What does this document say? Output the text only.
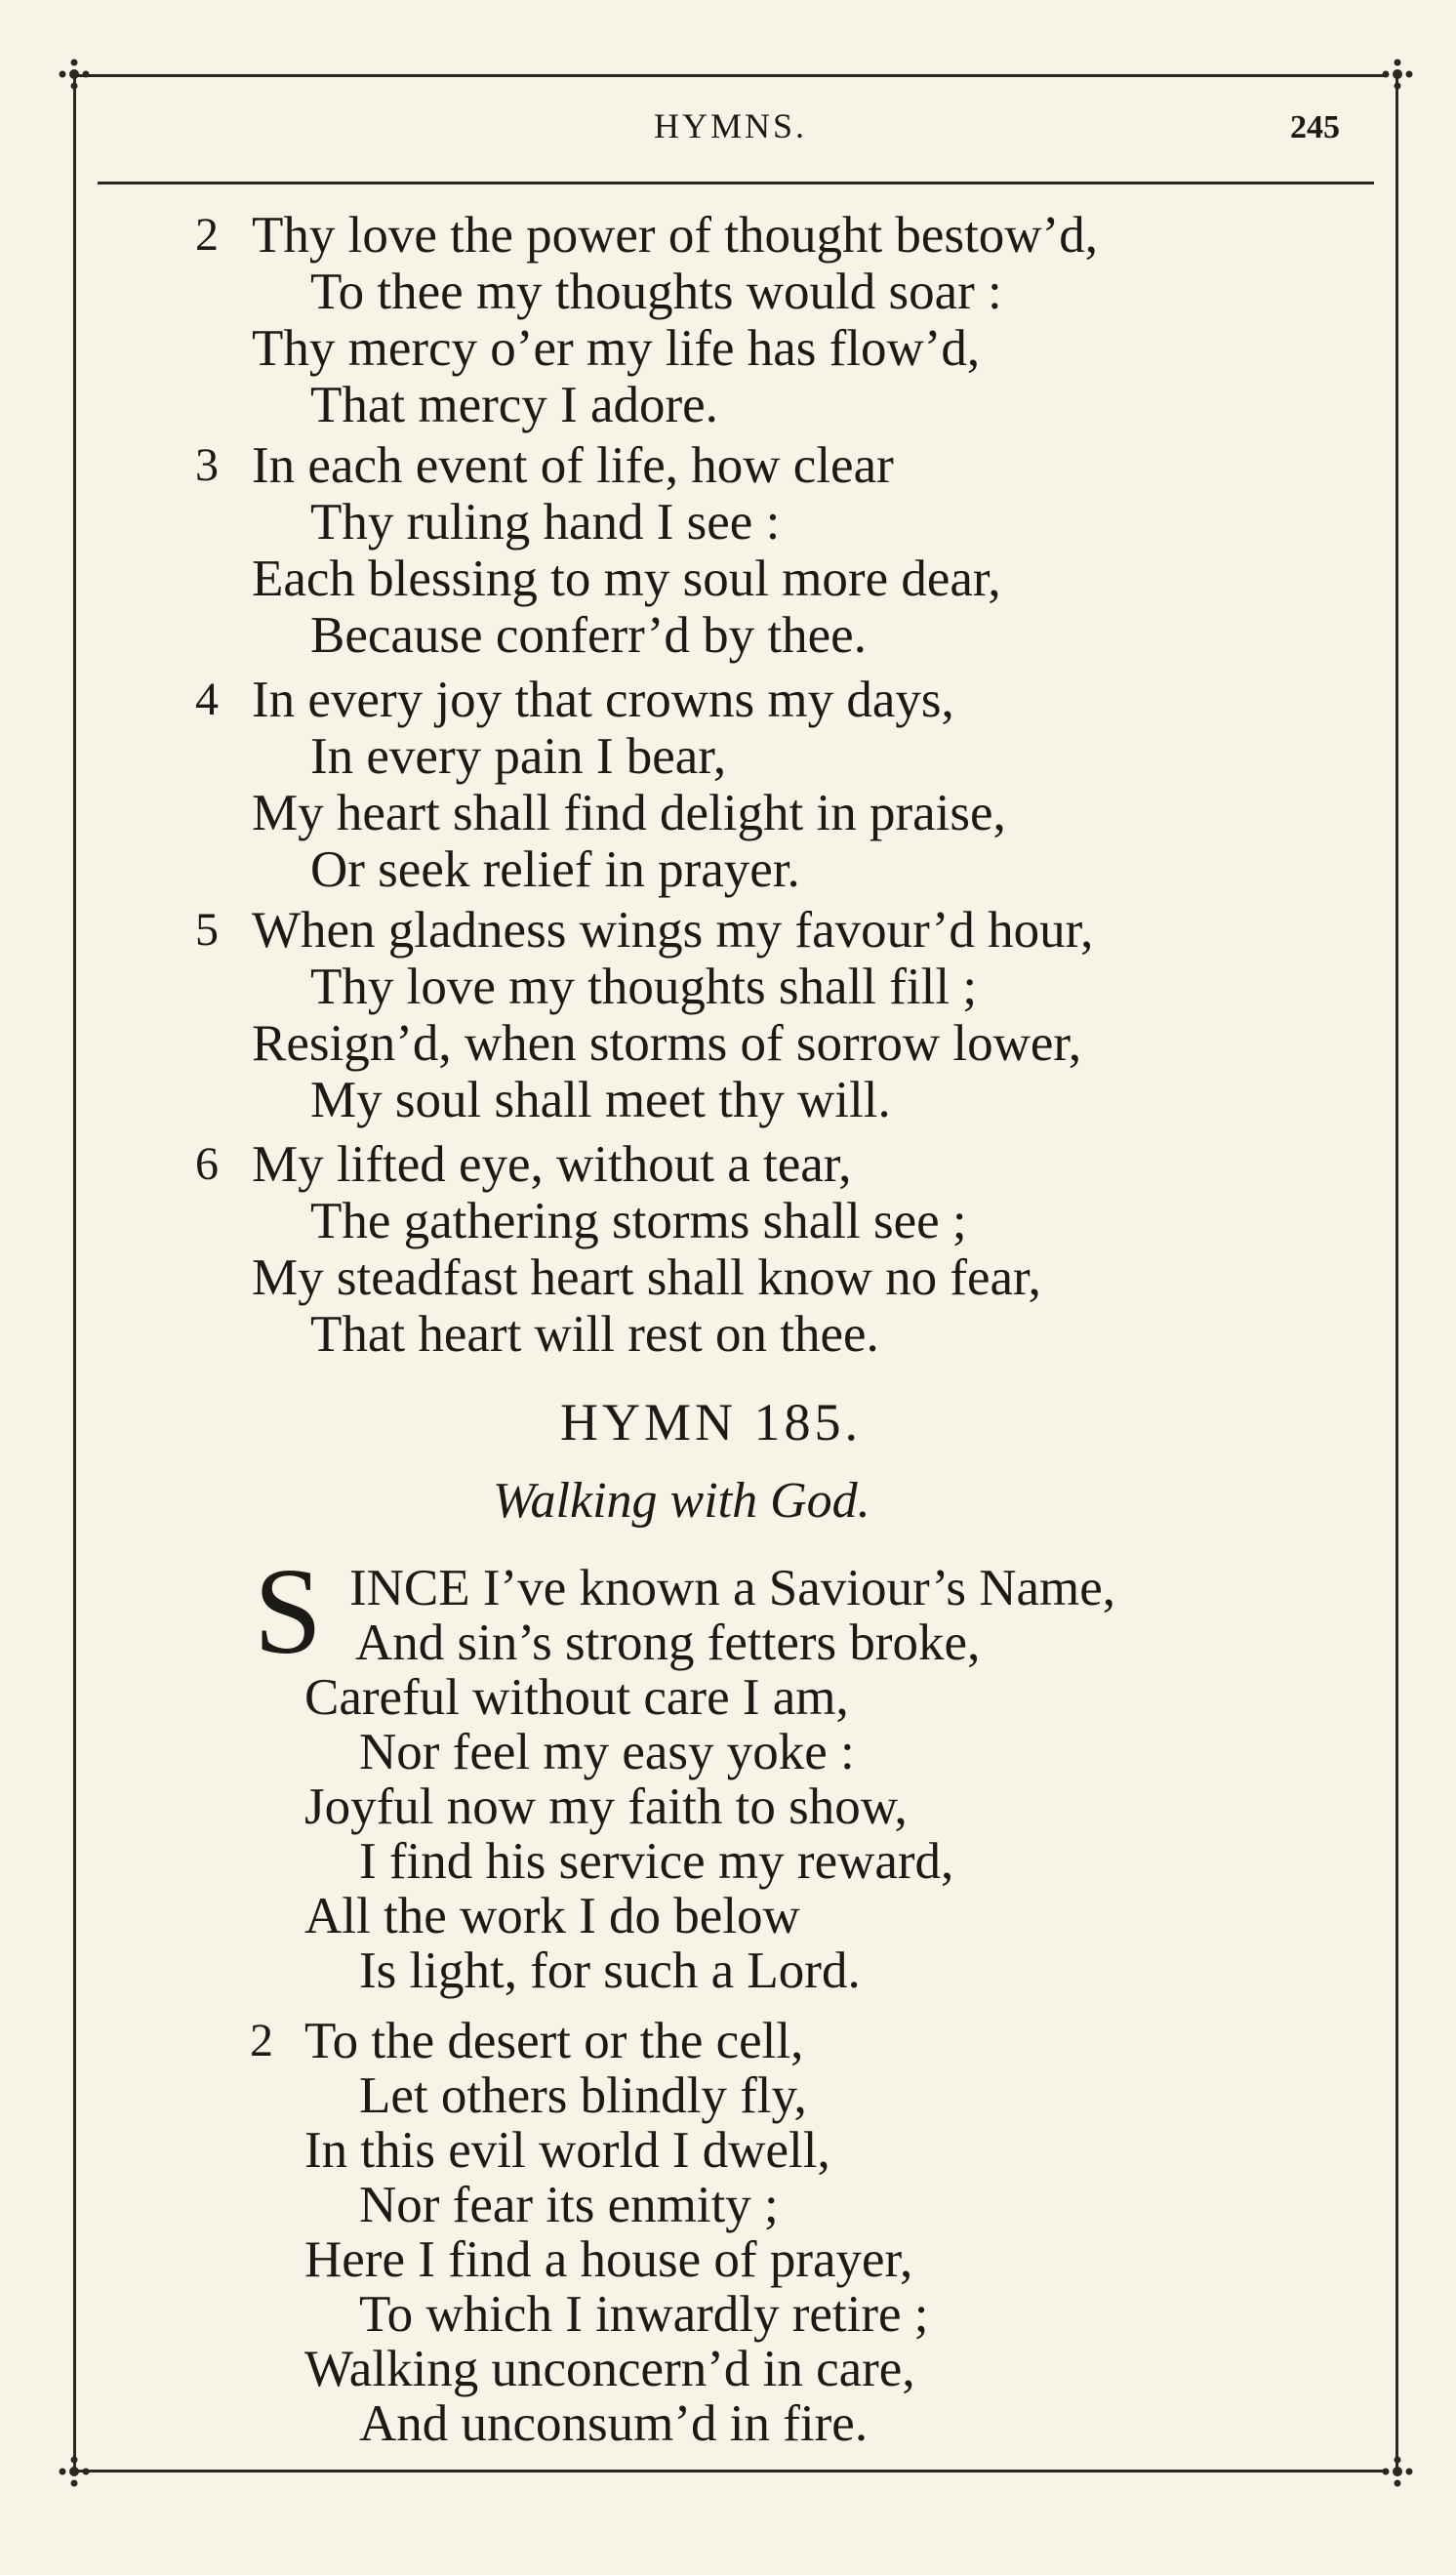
HYMNS.	245
2 Thy love the power of thought bestow’d,
To thee my thoughts would soar :
Thy mercy o’er my life has flow’d,
That mercy I adore.
3 In each event of life, how clear
Thy ruling hand I see :
Each blessing to my soul more dear,
Because conferr’d by thee.
4 In every joy that crowns my days,
In every pain I bear,
My heart shall find delight in praise,
Or seek relief in prayer.
5 When gladness wings my favour’d hour,
Thy love my thoughts shall fill ;
Resign’d, when storms of sorrow lower,
My soul shall meet thy will.
6 My lifted eye, without a tear,
The gathering storms shall see ;
My steadfast heart shall know no fear,
That heart will rest on thee.
HYMN 185.
Walking with God.
S INCE I’ve known a Saviour’s Name,
And sin’s strong fetters broke,
Careful without care I am,
Nor feel my easy yoke :
Joyful now my faith to show,
I find his service my reward,
All the work I do below
Is light, for such a Lord.
2 To the desert or the cell,
Let others blindly fly,
In this evil world I dwell,
Nor fear its enmity ;
Here I find a house of prayer,
To which I inwardly retire ;
Walking unconcern’d in care,
And unconsum’d in fire.
